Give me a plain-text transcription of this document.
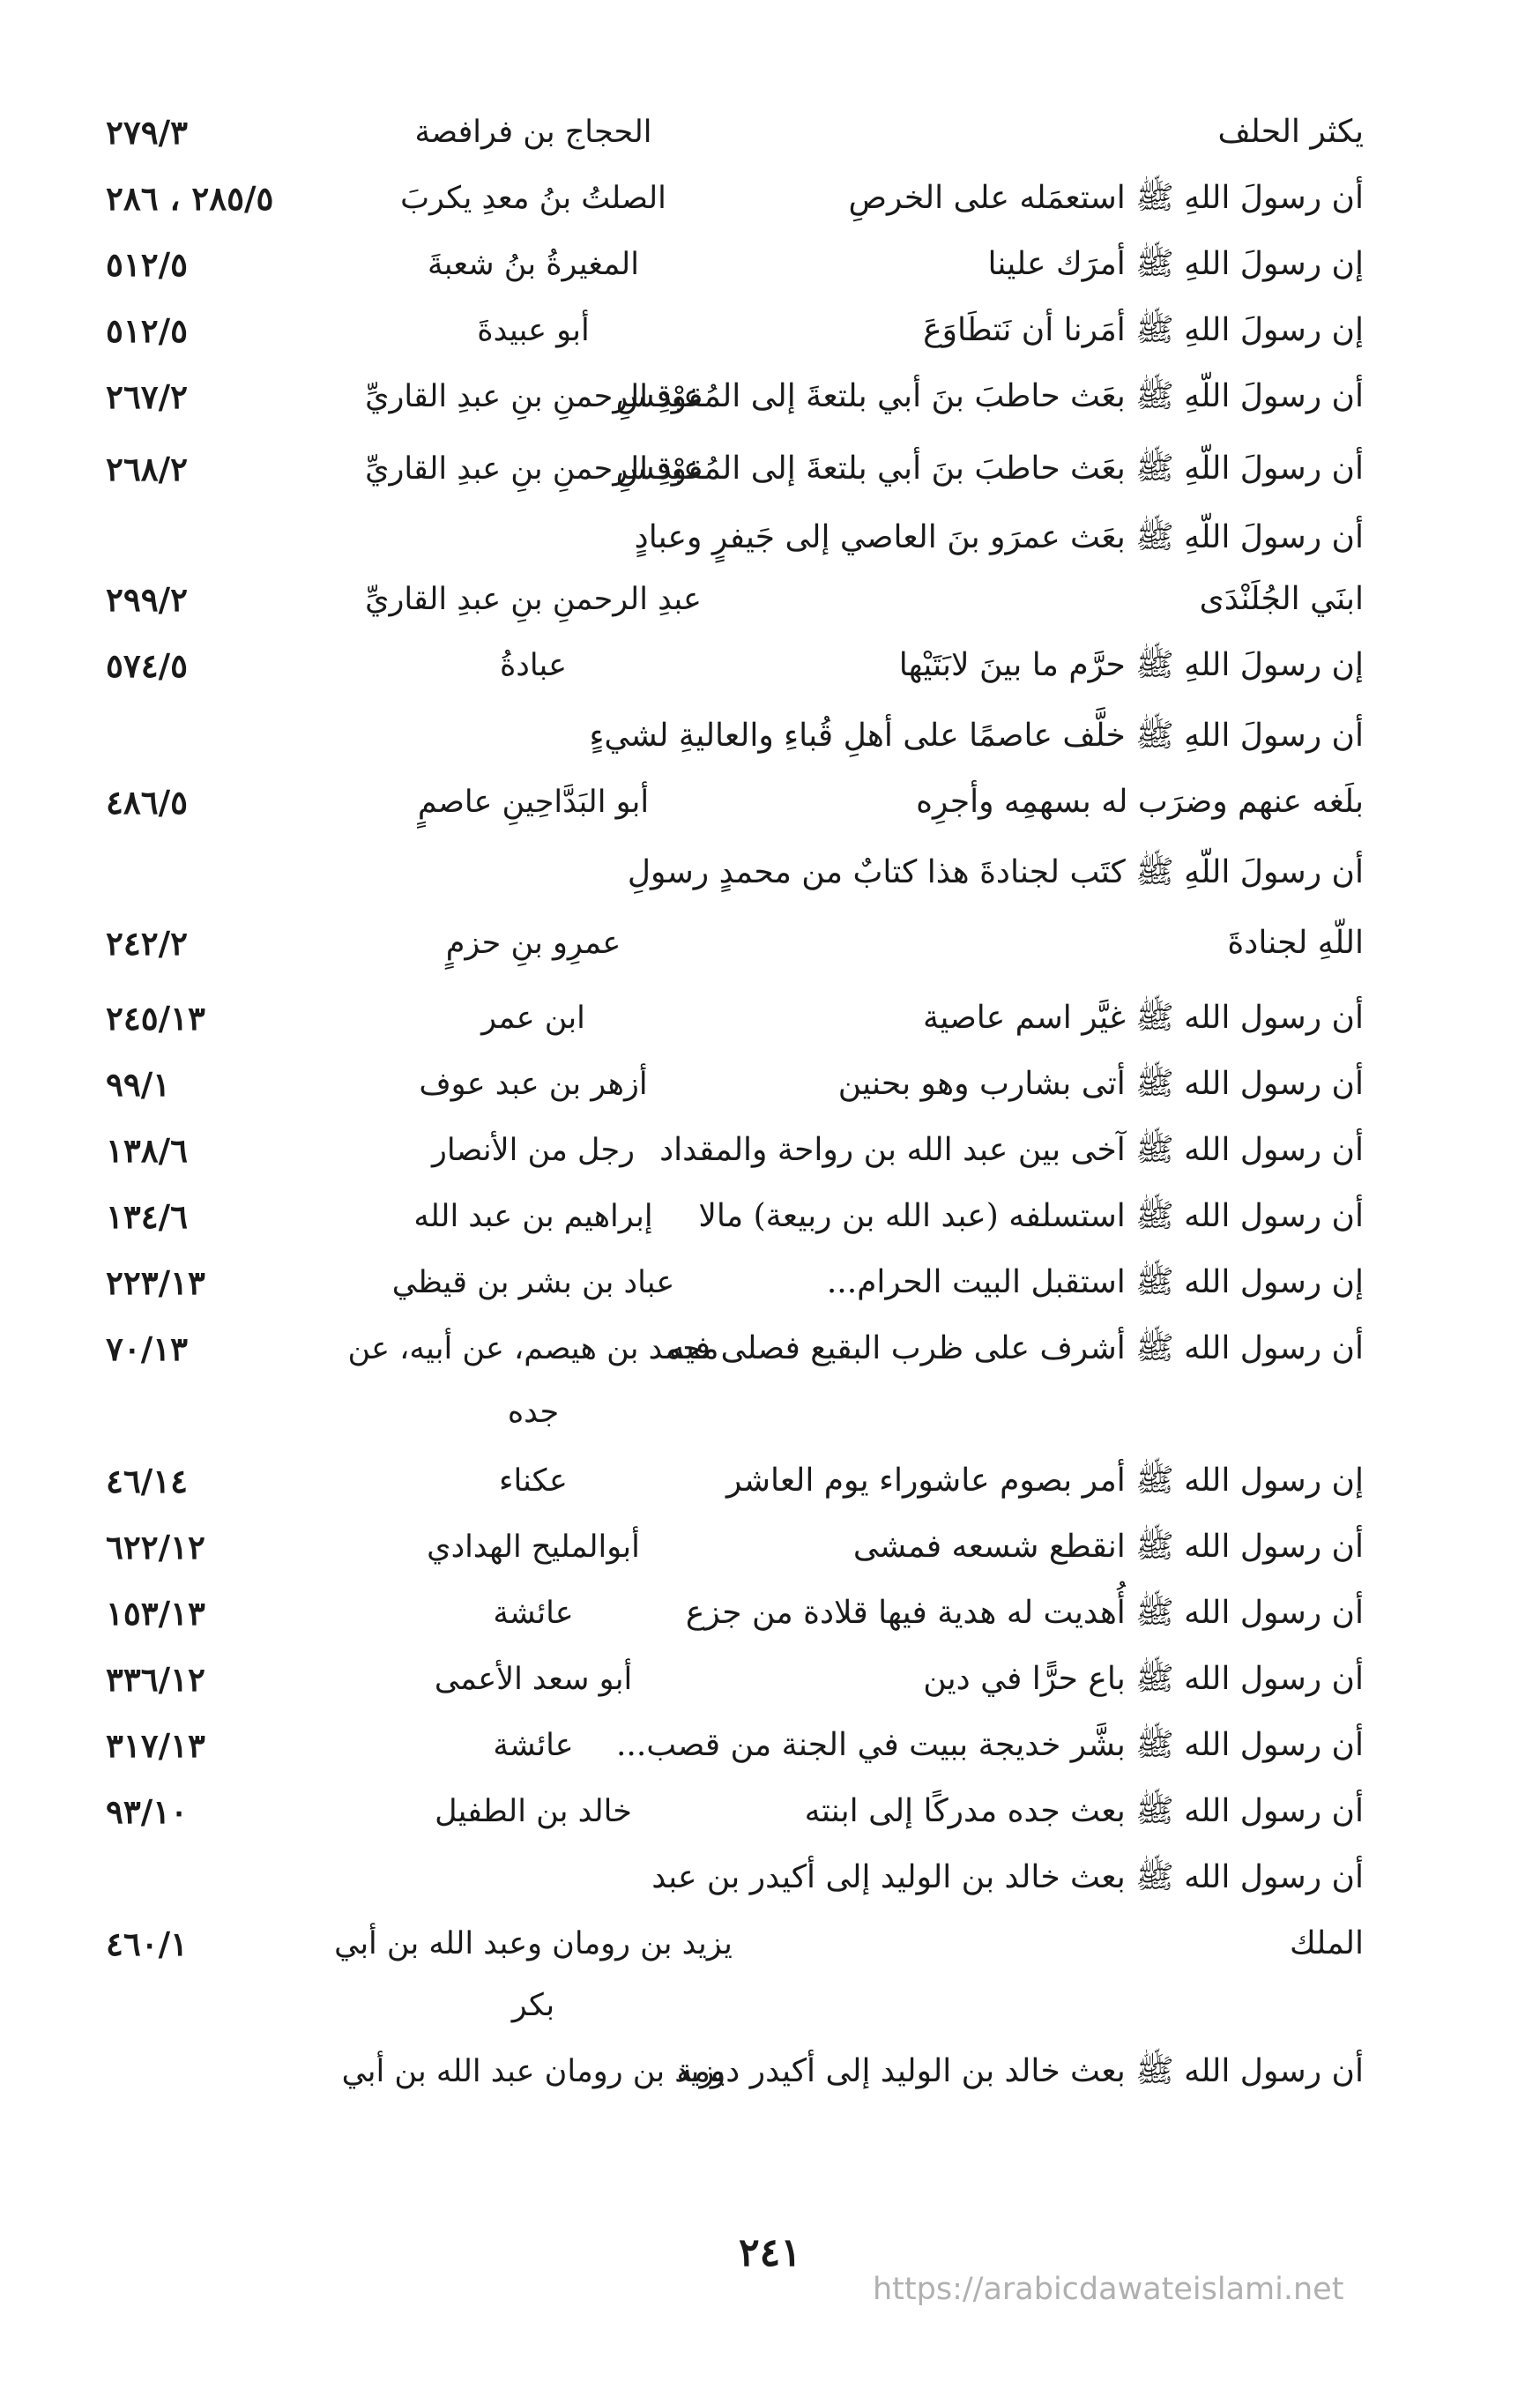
يكثر الحلف
الحجاج بن فرافصة
٢٧٩/٣
أن رسولَ اللهِ ﷺ استعمَله على الخرصِ
الصلتُ بنُ معدِ يكربَ
٢٨٥/٥ ، ٢٨٦
إن رسولَ اللهِ ﷺ أمرَك علينا
المغيرةُ بنُ شعبةَ
٥١٢/٥
إن رسولَ اللهِ ﷺ أمَرنا أن نَتطَاوَعَ
أبو عبيدةَ
٥١٢/٥
أن رسولَ اللّهِ ﷺ بعَث حاطبَ بنَ أبي بلتعةَ إلى المُقوْقسِ
عبدِ الرحمنِ بنِ عبدِ القاريِّ
٢٦٧/٢
أن رسولَ اللّهِ ﷺ بعَث حاطبَ بنَ أبي بلتعةَ إلى المُقوْقسِ
عبدِ الرحمنِ بنِ عبدِ القاريِّ
٢٦٨/٢
أن رسولَ اللّهِ ﷺ بعَث عمرَو بنَ العاصي إلى جَيفرٍ وعبادٍ
ابنَي الجُلَنْدَى
عبدِ الرحمنِ بنِ عبدِ القاريِّ
٢٩٩/٢
إن رسولَ اللهِ ﷺ حرَّم ما بينَ لابَتَيْها
عبادةُ
٥٧٤/٥
أن رسولَ اللهِ ﷺ خلَّف عاصمًا على أهلِ قُباءِ والعاليةِ لشيءٍ
بلَغه عنهم وضرَب له بسهمِه وأجرِه
أبو البَدَّاحِينِ عاصمٍ
٤٨٦/٥
أن رسولَ اللّهِ ﷺ كتَب لجنادةَ هذا كتابٌ من محمدٍ رسولِ
اللّهِ لجنادةَ
عمرِو بنِ حزمٍ
٢٤٢/٢
أن رسول الله ﷺ غيَّر اسم عاصية
ابن عمر
٢٤٥/١٣
أن رسول الله ﷺ أتى بشارب وهو بحنين
أزهر بن عبد عوف
٩٩/١
أن رسول الله ﷺ آخى بين عبد الله بن رواحة والمقداد
رجل من الأنصار
١٣٨/٦
أن رسول الله ﷺ استسلفه (عبد الله بن ربيعة) مالا
إبراهيم بن عبد الله
١٣٤/٦
إن رسول الله ﷺ استقبل البيت الحرام...
عباد بن بشر بن قيظي
٢٢٣/١٣
أن رسول الله ﷺ أشرف على ظرب البقيع فصلى فيه
محمد بن هيصم، عن أبيه، عن
٧٠/١٣
جده
إن رسول الله ﷺ أمر بصوم عاشوراء يوم العاشر
عكناء
٤٦/١٤
أن رسول الله ﷺ انقطع شسعه فمشى
أبوالمليح الهدادي
٦٢٢/١٢
أن رسول الله ﷺ أُهديت له هدية فيها قلادة من جزع
عائشة
١٥٣/١٣
أن رسول الله ﷺ باع حرًّا في دين
أبو سعد الأعمى
٣٣٦/١٢
أن رسول الله ﷺ بشَّر خديجة ببيت في الجنة من قصب...
عائشة
٣١٧/١٣
أن رسول الله ﷺ بعث جده مدركًا إلى ابنته
خالد بن الطفيل
٩٣/١٠
أن رسول الله ﷺ بعث خالد بن الوليد إلى أكيدر بن عبد
الملك
يزيد بن رومان وعبد الله بن أبي
٤٦٠/١
بكر
أن رسول الله ﷺ بعث خالد بن الوليد إلى أكيدر دومة
يزيد بن رومان عبد الله بن أبي
٢٤١
https://arabicdawateislami.net
